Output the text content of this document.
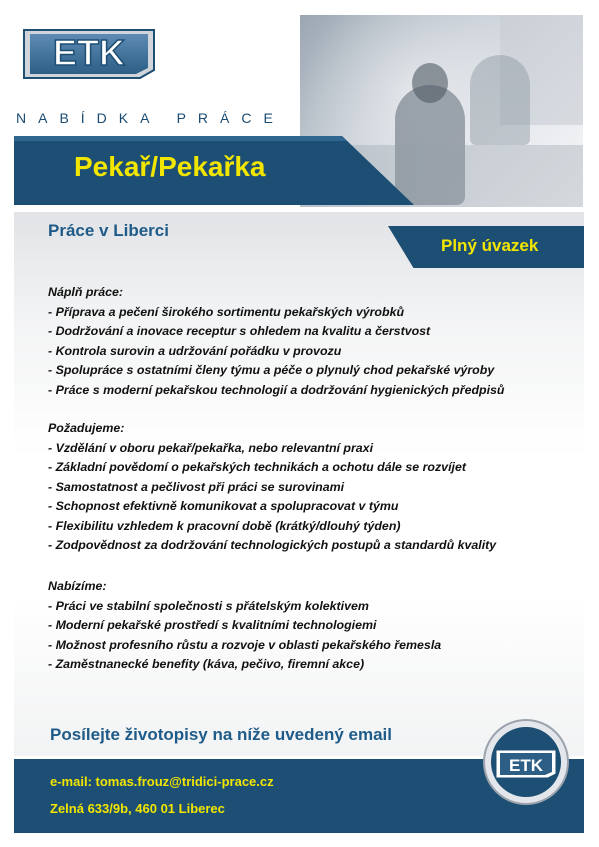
ETK
NABÍDKA PRÁCE
Pekař/Pekařka
Práce v Liberci
Plný úvazek
Náplň práce:
- Příprava a pečení širokého sortimentu pekařských výrobků
- Dodržování a inovace receptur s ohledem na kvalitu a čerstvost
- Kontrola surovin a udržování pořádku v provozu
- Spolupráce s ostatními členy týmu a péče o plynulý chod pekařské výroby
- Práce s moderní pekařskou technologií a dodržování hygienických předpisů
Požadujeme:
- Vzdělání v oboru pekař/pekařka, nebo relevantní praxi
- Základní povědomí o pekařských technikách a ochotu dále se rozvíjet
- Samostatnost a pečlivost při práci se surovinami
- Schopnost efektivně komunikovat a spolupracovat v týmu
- Flexibilitu vzhledem k pracovní době (krátký/dlouhý týden)
- Zodpovědnost za dodržování technologických postupů a standardů kvality
Nabízíme:
- Práci ve stabilní společnosti s přátelským kolektivem
- Moderní pekařské prostředí s kvalitními technologiemi
- Možnost profesního růstu a rozvoje v oblasti pekařského řemesla
- Zaměstnanecké benefity (káva, pečivo, firemní akce)
Posílejte životopisy na níže uvedený email
e-mail: tomas.frouz@tridici-prace.cz
Zelná 633/9b, 460 01 Liberec
ETK
